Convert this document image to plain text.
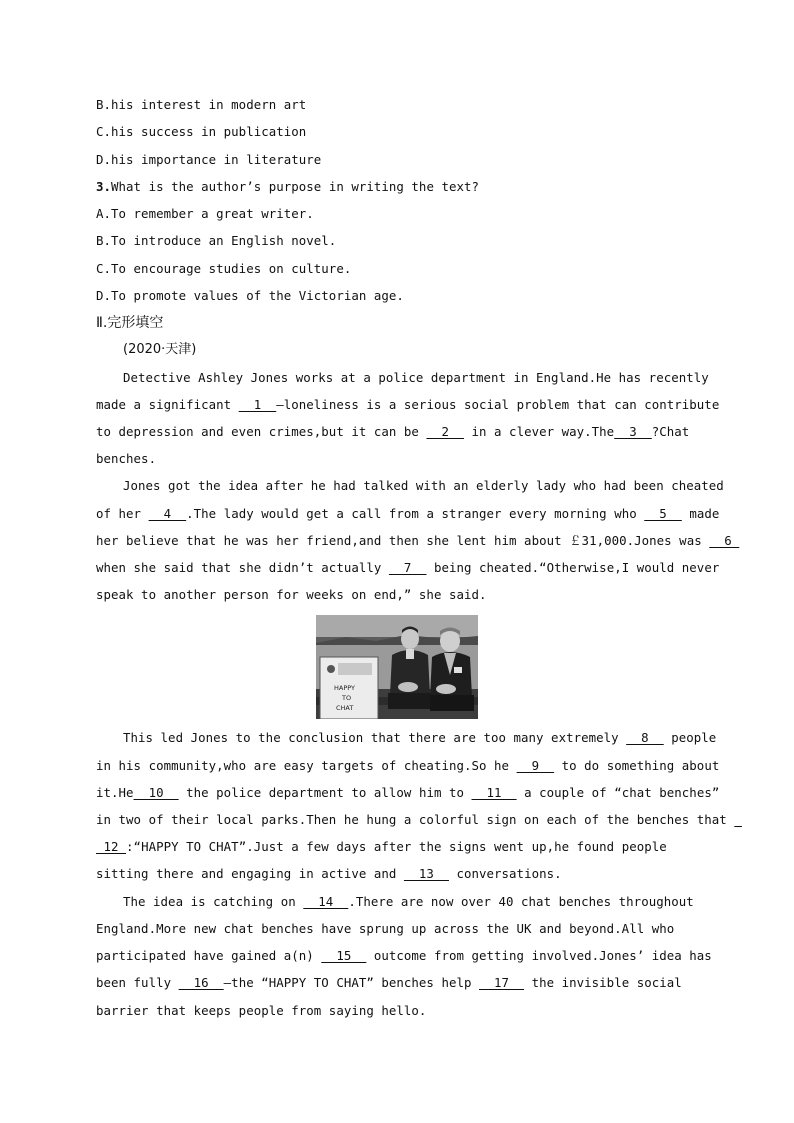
B.his interest in modern art
C.his success in publication
D.his importance in literature
3.What is the author’s purpose in writing the text?
A.To remember a great writer.
B.To introduce an English novel.
C.To encourage studies on culture.
D.To promote values of the Victorian age.
Ⅱ.完形填空
(2020·天津)
Detective Ashley Jones works at a police department in England.He has recently
made a significant   1  —loneliness is a serious social problem that can contribute
to depression and even crimes,but it can be   2   in a clever way.The  3  ?Chat
benches.
Jones got the idea after he had talked with an elderly lady who had been cheated
of her   4  .The lady would get a call from a stranger every morning who   5   made
her believe that he was her friend,and then she lent him about ￡31,000.Jones was   6
when she said that she didn’t actually   7   being cheated.“Otherwise,I would never
speak to another person for weeks on end,” she said.
HAPPY
TO
CHAT
This led Jones to the conclusion that there are too many extremely   8   people
in his community,who are easy targets of cheating.So he   9   to do something about
it.He  10   the police department to allow him to   11   a couple of “chat benches”
in two of their local parks.Then he hung a colorful sign on each of the benches that _
12 :“HAPPY TO CHAT”.Just a few days after the signs went up,he found people
sitting there and engaging in active and   13   conversations.
The idea is catching on   14  .There are now over 40 chat benches throughout
England.More new chat benches have sprung up across the UK and beyond.All who
participated have gained a(n)   15   outcome from getting involved.Jones’ idea has
been fully   16  —the “HAPPY TO CHAT” benches help   17   the invisible social
barrier that keeps people from saying hello.
